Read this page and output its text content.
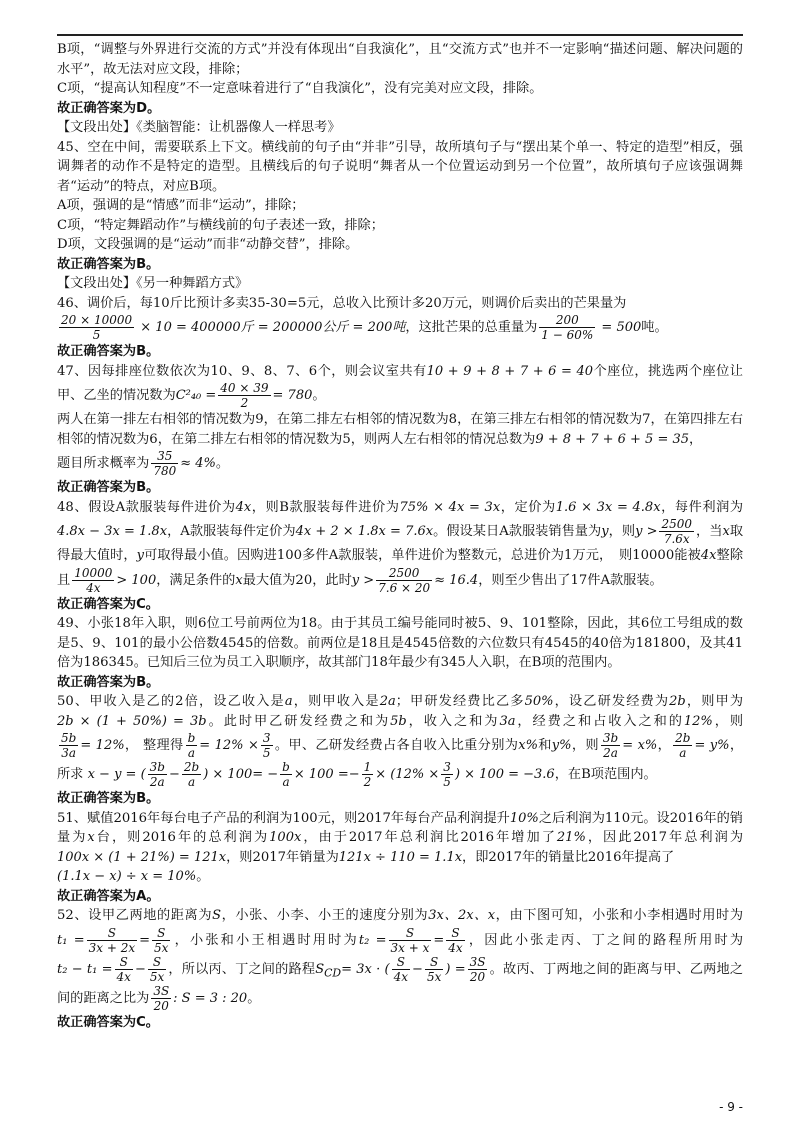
B项，“调整与外界进行交流的方式”并没有体现出“自我演化”，且“交流方式”也并不一定影响“描述问题、解决问题的水平”，故无法对应文段，排除；

C项，“提高认知程度”不一定意味着进行了“自我演化”，没有完美对应文段，排除。

故正确答案为D。

【文段出处】《类脑智能：让机器像人一样思考》

45、空在中间，需要联系上下文。横线前的句子由“并非”引导，故所填句子与“摆出某个单一、特定的造型”相反，强调舞者的动作不是特定的造型。且横线后的句子说明“舞者从一个位置运动到另一个位置”，故所填句子应该强调舞者“运动”的特点，对应B项。

A项，强调的是“情感”而非“运动”，排除；

C项，“特定舞蹈动作”与横线前的句子表述一致，排除；

D项，文段强调的是“运动”而非“动静交替”，排除。

故正确答案为B。

【文段出处】《另一种舞蹈方式》

46、调价后，每10斤比预计多卖35-30=5元，总收入比预计多20万元，则调价后卖出的芒果量为

$\frac{20 \times 10000}{5} \times 10 = 400000$斤 = 200000公斤 = 200吨，这批芒果的总重量为 $\frac{200}{1 - 60\%} = 500$吨。

故正确答案为B。

47、因每排座位数依次为10、9、8、7、6个，则会议室共有10 + 9 + 8 + 7 + 6 = 40个座位，挑选两个座位让甲、乙坐的情况数为$C^2_{40} = \frac{40 \times 39}{2} = 780$。

两人在第一排左右相邻的情况数为9，在第二排左右相邻的情况数为8，在第三排左右相邻的情况数为7，在第四排左右相邻的情况数为6，在第二排左右相邻的情况数为5，则两人左右相邻的情况总数为9 + 8 + 7 + 6 + 5 = 35，

题目所求概率为 $\frac{35}{780} \approx 4\%$。

故正确答案为B。

48、假设A款服装每件进价为4x，则B款服装每件进价为75% × 4x = 3x，定价为1.6 × 3x = 4.8x，每件利润为 4.8x − 3x = 1.8x，A款服装每件定价为4x + 2 × 1.8x = 7.6x。假设某日A款服装销售量为y，则$y > \frac{2500}{7.6x}$ ，当x取得最大值时，y可取得最小值。因购进100多件A款服装，单件进价为整数元，总进价为1万元，　则10000能被4x整除且 $\frac{10000}{4x} > 100$，满足条件的x最大值为20，此时$y > \frac{2500}{7.6 \times 20} \approx 16.4$，则至少售出了17件A款服装。

故正确答案为C。

49、小张18年入职，则6位工号前两位为18。由于其员工编号能同时被5、9、101整除，因此，其6位工号组成的数是5、9、101的最小公倍数4545的倍数。前两位是18且是4545倍数的六位数只有4545的40倍为181800，及其41倍为186345。已知后三位为员工入职顺序，故其部门18年最少有345人入职，在B项的范围内。

故正确答案为B。

50、甲收入是乙的2倍，设乙收入是a，则甲收入是2a；甲研发经费比乙多50%，设乙研发经费为2b，则甲为 2b × (1 + 50%) = 3b。此时甲乙研发经费之和为5b，收入之和为3a，经费之和占收入之和的12%，则
$\frac{5b}{3a} = 12\%$， 整理得 $\frac{b}{a} = 12\% \times \frac{3}{5}$ 。甲、乙研发经费占各自收入比重分别为x%和y%，则 $\frac{3b}{2a} = x\%$， $\frac{2b}{a} = y\%$，所求 x − y = ( $\frac{3b}{2a} - \frac{2b}{a}$ ) × $100= - \frac{b}{a} \times 100 =- \frac{1}{2} \times (12\% \times \frac{3}{5}$ ) × 100 = −3.6，在B项范围内。

故正确答案为B。

51、赋值2016年每台电子产品的利润为100元，则2017年每台产品利润提升10%之后利润为110元。设2016年的销量为x台，则2016年的总利润为100x，由于2017年总利润比2016年增加了21%，因此2017年总利润为100x × (1 + 21%) = 121x，则2017年销量为121x ÷ 110 = 1.1x，即2017年的销量比2016年提高了
(1.1x − x) ÷ x = 10%。

故正确答案为A。

52、设甲乙两地的距离为S，小张、小李、小王的速度分别为3x、2x、x，由下图可知，小张和小李相遇时用时为 $t_1 = \frac{S}{3x + 2x} = \frac{S}{5x}$ ，小张和小王相遇时用时为$t_2 = \frac{S}{3x + x} = \frac{S}{4x}$ ，因此小张走丙、丁之间的路程所用时为 $t_2 - t_1 = \frac{S}{4x} - \frac{S}{5x}$ ，所以丙、丁之间的路程$S_{CD}= 3x$ · ( $\frac{S}{4x} - \frac{S}{5x}$ ) = $\frac{3S}{20}$ 。故丙、丁两地之间的距离与甲、乙两地之间的距离之比为 $\frac{3S}{20}$ : S = 3 : 20。

故正确答案为C。

- 9 -
